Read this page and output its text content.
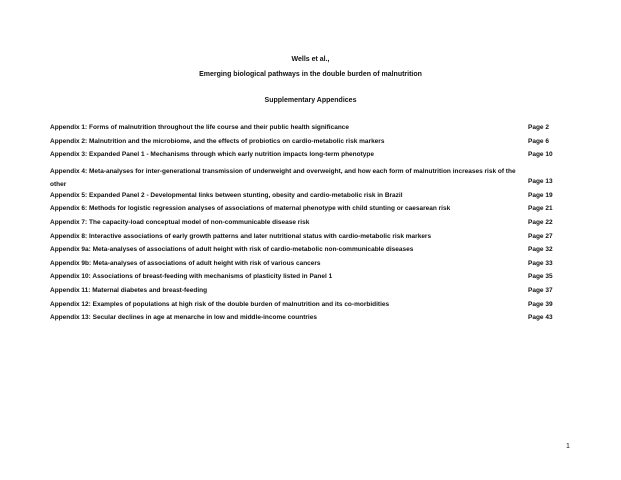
Wells et al.,
Emerging biological pathways in the double burden of malnutrition
Supplementary Appendices
Appendix 1: Forms of malnutrition throughout the life course and their public health significance	Page 2
Appendix 2: Malnutrition and the microbiome, and the effects of probiotics on cardio-metabolic risk markers	Page 6
Appendix 3: Expanded Panel 1 - Mechanisms through which early nutrition impacts long-term phenotype	Page 10
Appendix 4: Meta-analyses for inter-generational transmission of underweight and overweight, and how each form of malnutrition increases risk of the other	Page 13
Appendix 5: Expanded Panel 2 - Developmental links between stunting, obesity and cardio-metabolic risk in Brazil	Page 19
Appendix 6: Methods for logistic regression analyses of associations of maternal phenotype with child stunting or caesarean risk	Page 21
Appendix 7: The capacity-load conceptual model of non-communicable disease risk	Page 22
Appendix 8: Interactive associations of early growth patterns and later nutritional status with cardio-metabolic risk markers	Page 27
Appendix 9a: Meta-analyses of associations of adult height with risk of cardio-metabolic non-communicable diseases	Page 32
Appendix 9b: Meta-analyses of associations of adult height with risk of various cancers	Page 33
Appendix 10: Associations of breast-feeding with mechanisms of plasticity listed in Panel 1	Page 35
Appendix 11: Maternal diabetes and breast-feeding	Page 37
Appendix 12: Examples of populations at high risk of the double burden of malnutrition and its co-morbidities	Page 39
Appendix 13: Secular declines in age at menarche in low and middle-income countries	Page 43
1
